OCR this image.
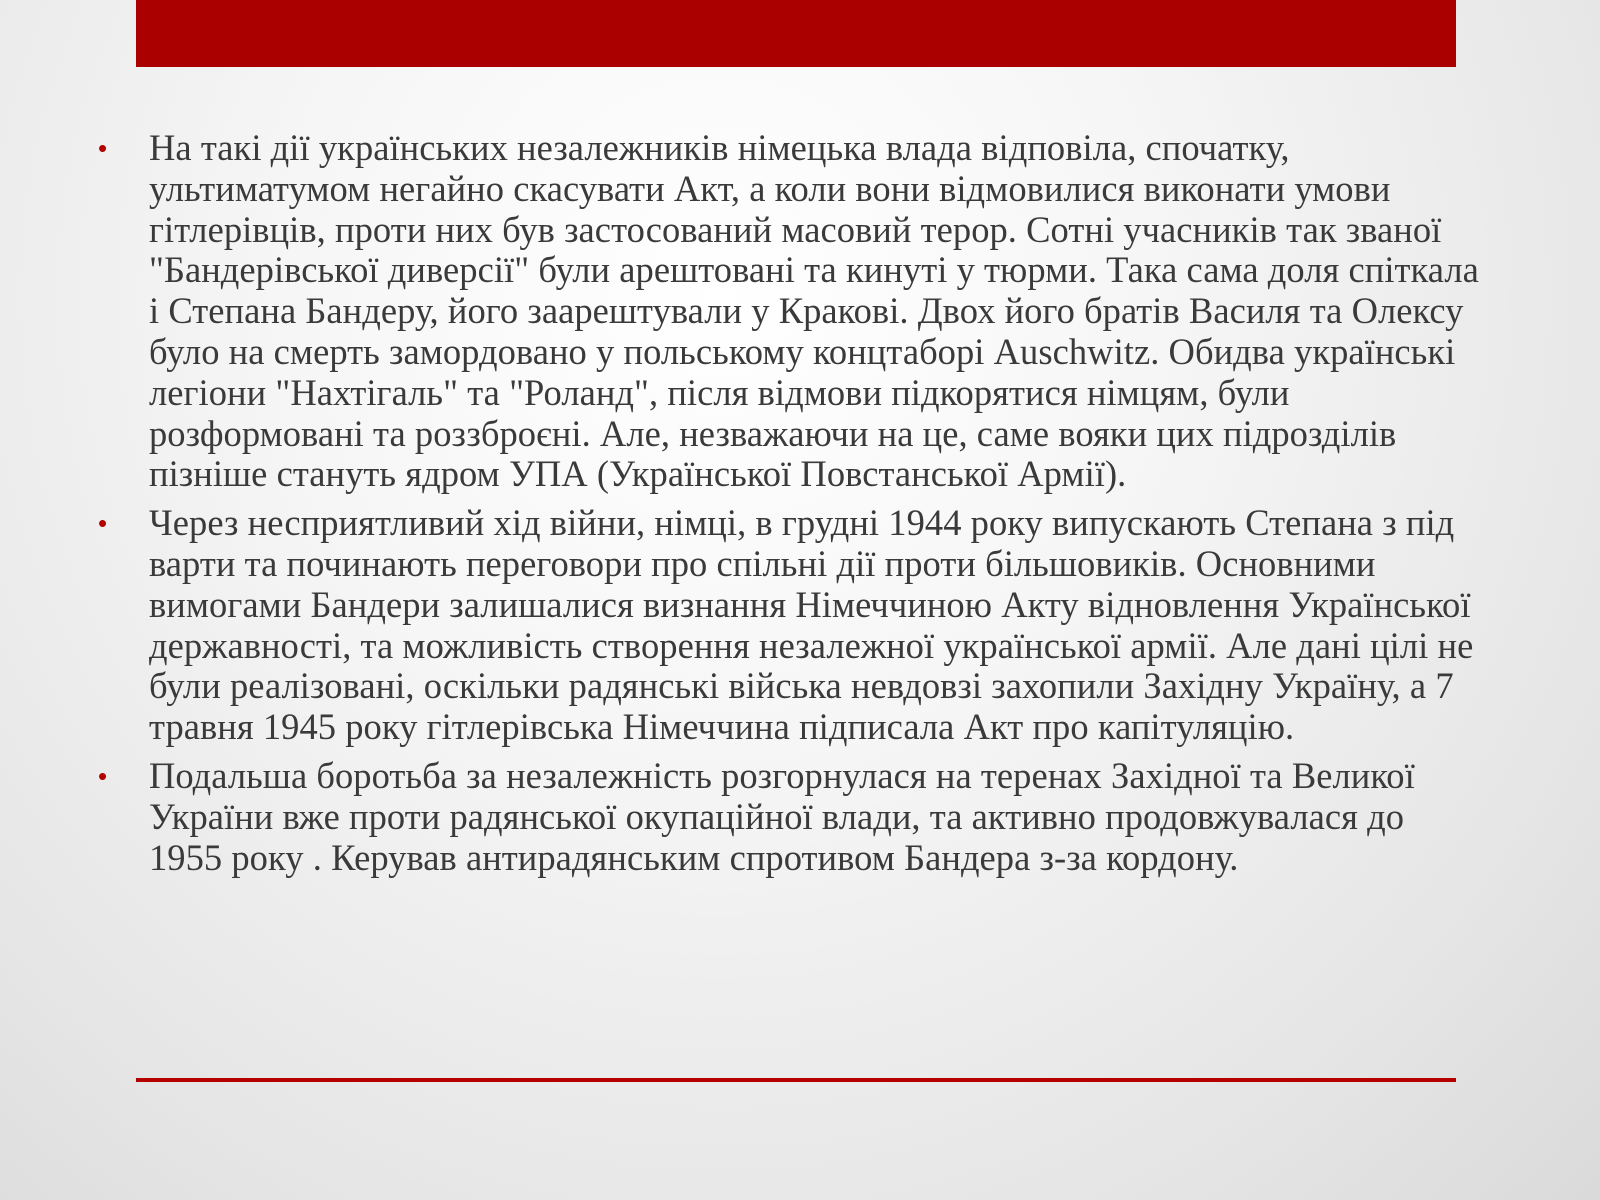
•	На такі дії українських незалежників німецька влада відповіла, спочатку, ультиматумом негайно скасувати Акт, а коли вони відмовилися виконати умови гітлерівців, проти них був застосований масовий терор. Сотні учасників так званої "Бандерівської диверсії" були арештовані та кинуті у тюрми. Така сама доля спіткала і Степана Бандеру, його заарештували у Кракові. Двох його братів Василя та Олексу було на смерть замордовано у польському концтаборі Auschwitz. Обидва українські легіони "Нахтігаль" та "Роланд", після відмови підкорятися німцям, були розформовані та роззброєні. Але, незважаючи на це, саме вояки цих підрозділів пізніше стануть ядром УПА (Української Повстанської Армії).
•	Через несприятливий хід війни, німці, в грудні 1944 року випускають Степана з під варти та починають переговори про спільні дії проти більшовиків. Основними вимогами Бандери залишалися визнання Німеччиною Акту відновлення Української державності, та можливість створення незалежної української армії. Але дані цілі не були реалізовані, оскільки радянські війська невдовзі захопили Західну Україну, а 7 травня 1945 року гітлерівська Німеччина підписала Акт про капітуляцію.
•	Подальша боротьба за незалежність розгорнулася на теренах Західної та Великої України вже проти радянської окупаційної влади, та активно продовжувалася до 1955 року . Керував антирадянським спротивом Бандера з-за кордону.
